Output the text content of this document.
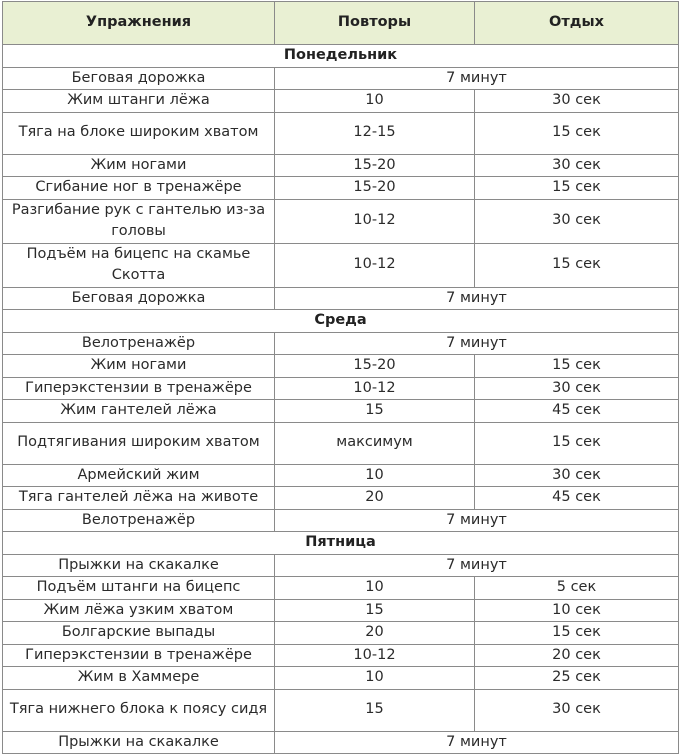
Упражнения	Повторы	Отдых
Понедельник		
Беговая дорожка	7 минут	
Жим штанги лёжа	10	30 сек
Тяга на блоке широким хватом	12-15	15 сек
Жим ногами	15-20	30 сек
Сгибание ног в тренажёре	15-20	15 сек
Разгибание рук с гантелью из-за головы	10-12	30 сек
Подъём на бицепс на скамье Скотта	10-12	15 сек
Беговая дорожка	7 минут	
Среда		
Велотренажёр	7 минут	
Жим ногами	15-20	15 сек
Гиперэкстензии в тренажёре	10-12	30 сек
Жим гантелей лёжа	15	45 сек
Подтягивания широким хватом	максимум	15 сек
Армейский жим	10	30 сек
Тяга гантелей лёжа на животе	20	45 сек
Велотренажёр	7 минут	
Пятница		
Прыжки на скакалке	7 минут	
Подъём штанги на бицепс	10	5 сек
Жим лёжа узким хватом	15	10 сек
Болгарские выпады	20	15 сек
Гиперэкстензии в тренажёре	10-12	20 сек
Жим в Хаммере	10	25 сек
Тяга нижнего блока к поясу сидя	15	30 сек
Прыжки на скакалке	7 минут	
